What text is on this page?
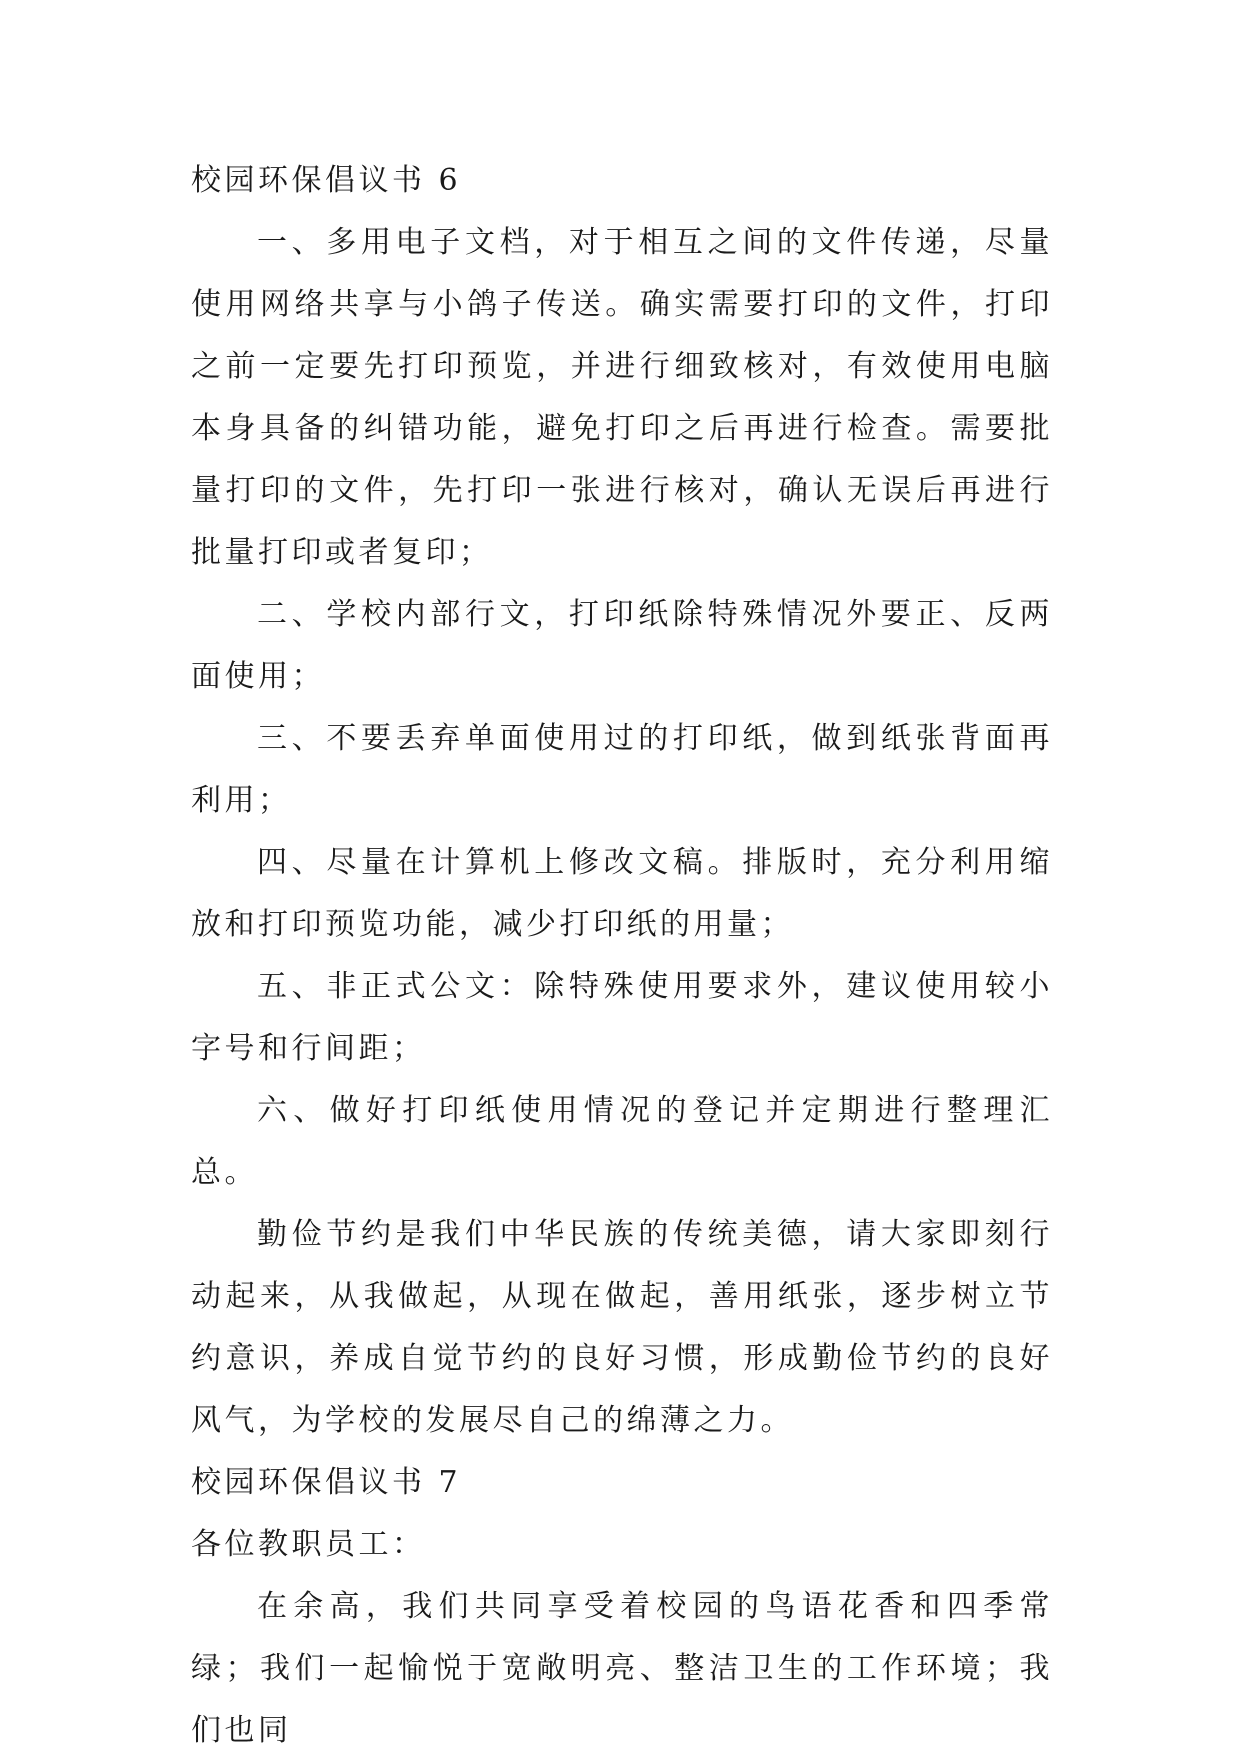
校园环保倡议书 6

一、多用电子文档，对于相互之间的文件传递，尽量使用网络共享与小鸽子传送。确实需要打印的文件，打印之前一定要先打印预览，并进行细致核对，有效使用电脑本身具备的纠错功能，避免打印之后再进行检查。需要批量打印的文件，先打印一张进行核对，确认无误后再进行批量打印或者复印；

二、学校内部行文，打印纸除特殊情况外要正、反两面使用；

三、不要丢弃单面使用过的打印纸，做到纸张背面再利用；

四、尽量在计算机上修改文稿。排版时，充分利用缩放和打印预览功能，减少打印纸的用量；

五、非正式公文：除特殊使用要求外，建议使用较小字号和行间距；

六、做好打印纸使用情况的登记并定期进行整理汇总。

勤俭节约是我们中华民族的传统美德，请大家即刻行动起来，从我做起，从现在做起，善用纸张，逐步树立节约意识，养成自觉节约的良好习惯，形成勤俭节约的良好风气，为学校的发展尽自己的绵薄之力。

校园环保倡议书 7

各位教职员工：

在余高，我们共同享受着校园的鸟语花香和四季常绿；我们一起愉悦于宽敞明亮、整洁卫生的工作环境；我们也同
